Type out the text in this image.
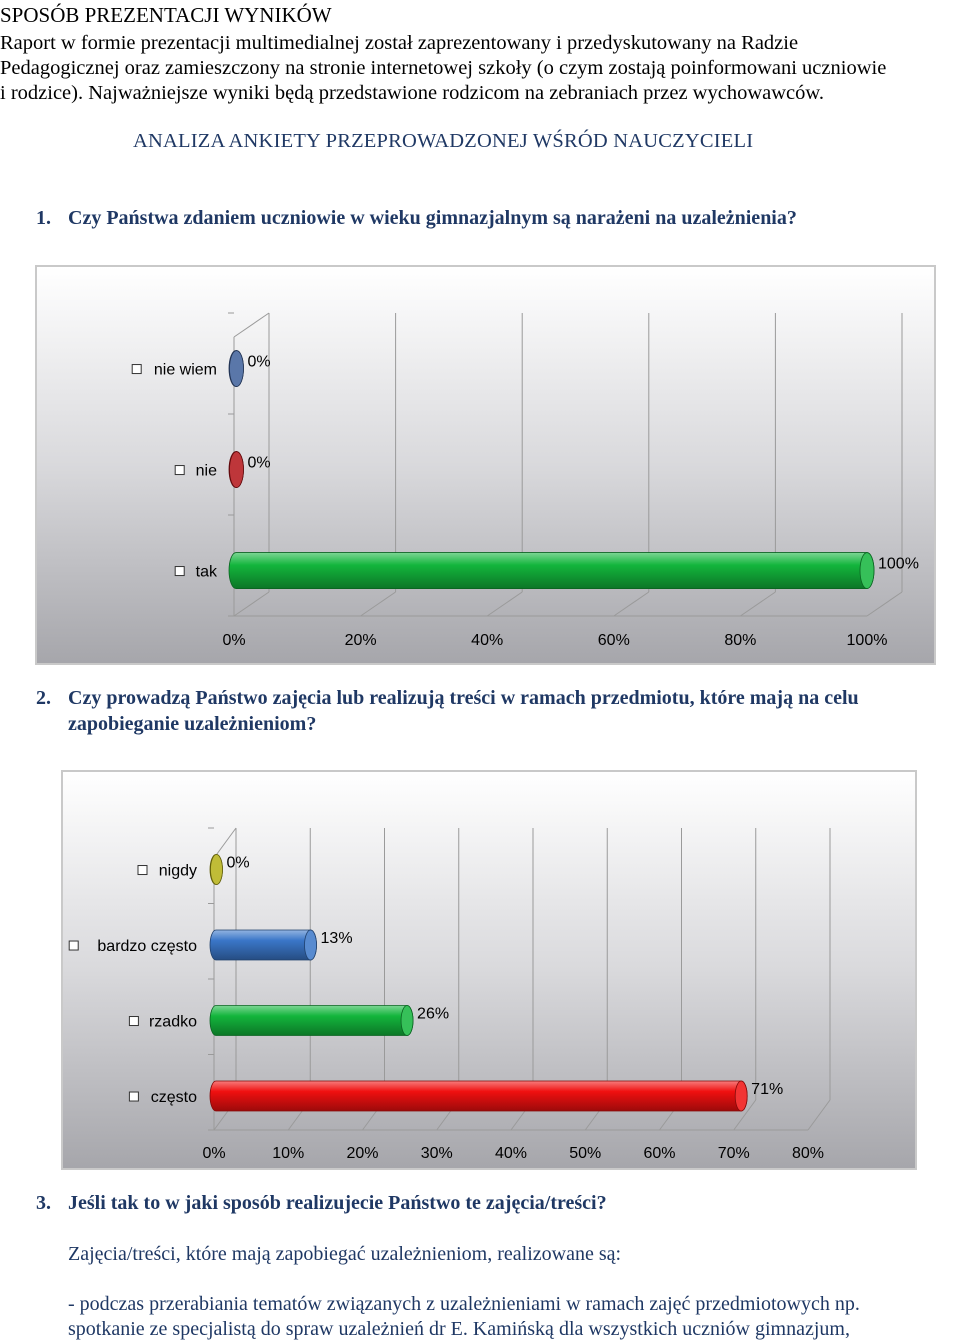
SPOSÓB PREZENTACJI WYNIKÓW
Raport w formie prezentacji multimedialnej został zaprezentowany i przedyskutowany na Radzie
Pedagogicznej oraz zamieszczony na stronie internetowej szkoły (o czym zostają poinformowani uczniowie
i rodzice). Najważniejsze wyniki będą przedstawione rodzicom na zebraniach przez wychowawców.
ANALIZA ANKIETY PRZEPROWADZONEJ WŚRÓD NAUCZYCIELI
1. Czy Państwa zdaniem uczniowie w wieku gimnazjalnym są narażeni na uzależnienia?
0%	20%	40%	60%	80%	100%
0%
nie wiem
0%
nie
100%
tak
2. Czy prowadzą Państwo zajęcia lub realizują treści w ramach przedmiotu, które mają na celu
zapobieganie uzależnieniom?
0%	10%	20%	30%	40%	50%	60%	70%	80%
0%
nigdy
13%
bardzo często
26%
rzadko
71%
często
3. Jeśli tak to w jaki sposób realizujecie Państwo te zajęcia/treści?
Zajęcia/treści, które mają zapobiegać uzależnieniom, realizowane są:
- podczas przerabiania tematów związanych z uzależnieniami w ramach zajęć przedmiotowych np.
spotkanie ze specjalistą do spraw uzależnień dr E. Kamińską dla wszystkich uczniów gimnazjum,
